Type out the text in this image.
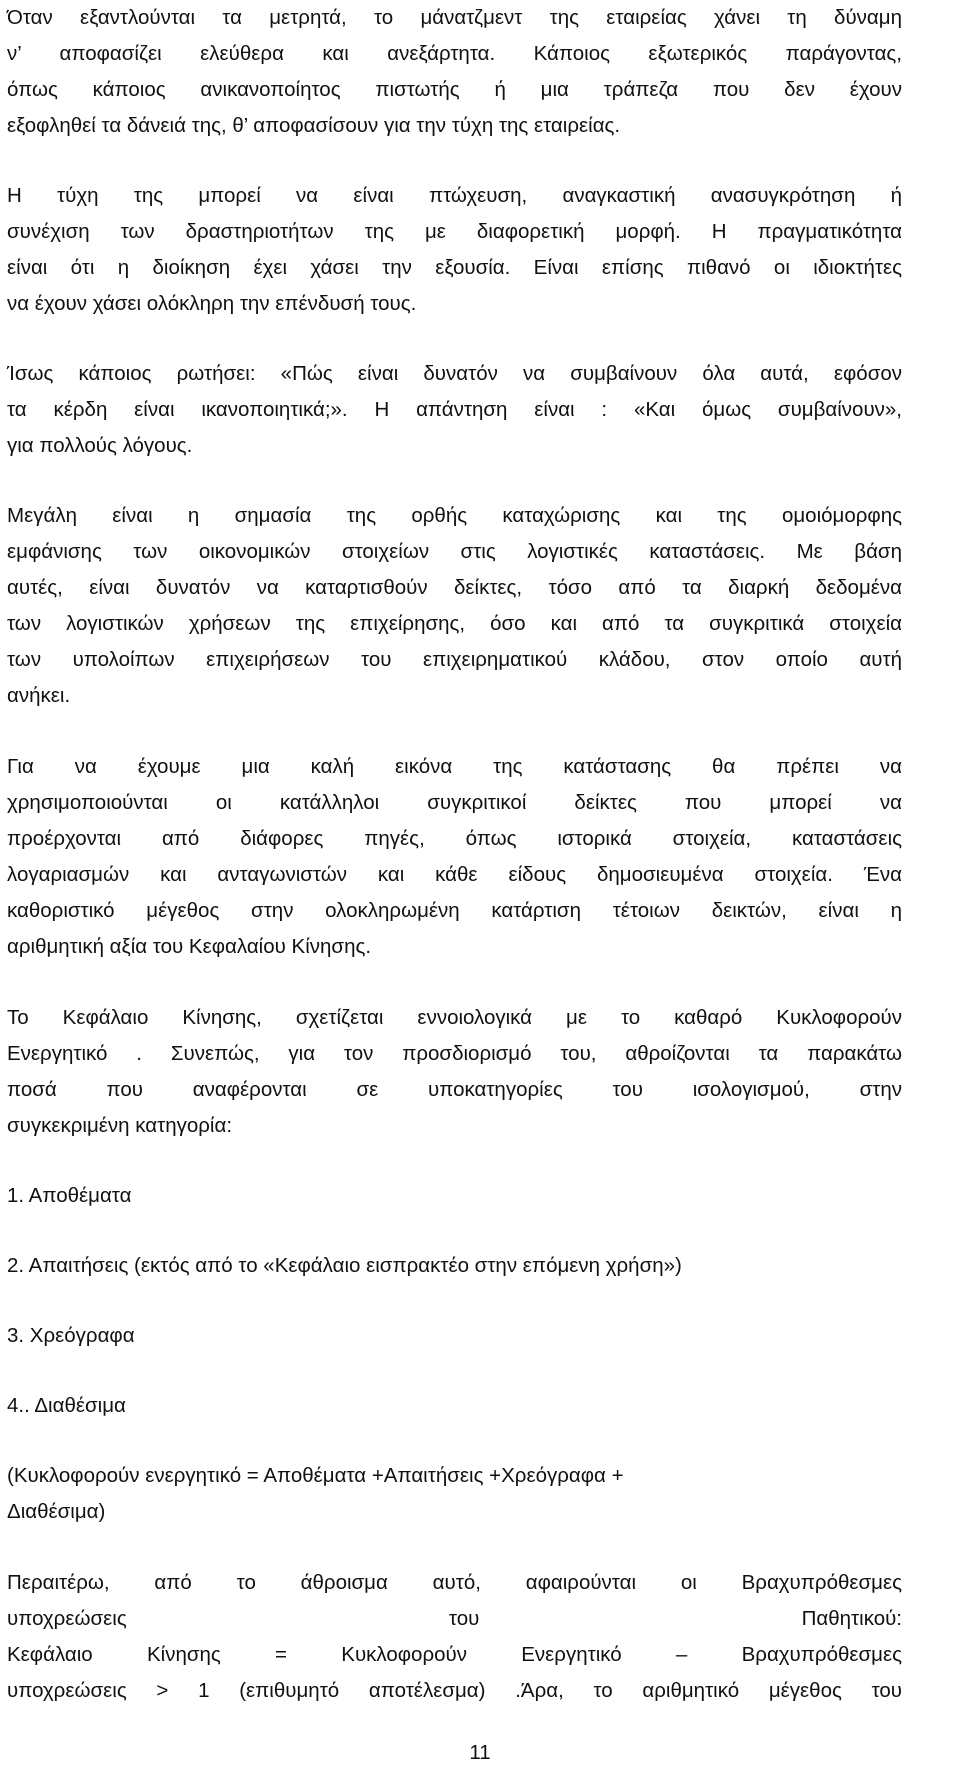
Όταν εξαντλούνται τα μετρητά, το μάνατζμεντ της εταιρείας χάνει τη δύναμη
ν’ αποφασίζει ελεύθερα και ανεξάρτητα. Κάποιος εξωτερικός παράγοντας,
όπως κάποιος ανικανοποίητος πιστωτής ή μια τράπεζα που δεν έχουν
εξοφληθεί τα δάνειά της, θ’ αποφασίσουν για την τύχη της εταιρείας.
Η τύχη της μπορεί να είναι πτώχευση, αναγκαστική ανασυγκρότηση ή
συνέχιση των δραστηριοτήτων της με διαφορετική μορφή. Η πραγματικότητα
είναι ότι η διοίκηση έχει χάσει την εξουσία. Είναι επίσης πιθανό οι ιδιοκτήτες
να έχουν χάσει ολόκληρη την επένδυσή τους.
Ίσως κάποιος ρωτήσει: «Πώς είναι δυνατόν να συμβαίνουν όλα αυτά, εφόσον
τα κέρδη είναι ικανοποιητικά;». Η απάντηση είναι : «Και όμως συμβαίνουν»,
για πολλούς λόγους.
Μεγάλη είναι η σημασία της ορθής καταχώρισης και της ομοιόμορφης
εμφάνισης των οικονομικών στοιχείων στις λογιστικές καταστάσεις. Με βάση
αυτές, είναι δυνατόν να καταρτισθούν δείκτες, τόσο από τα διαρκή δεδομένα
των λογιστικών χρήσεων της επιχείρησης, όσο και από τα συγκριτικά στοιχεία
των υπολοίπων επιχειρήσεων του επιχειρηματικού κλάδου, στον οποίο αυτή
ανήκει.
Για να έχουμε μια καλή εικόνα της κατάστασης θα πρέπει να
χρησιμοποιούνται οι κατάλληλοι συγκριτικοί δείκτες που μπορεί να
προέρχονται από διάφορες πηγές, όπως ιστορικά στοιχεία, καταστάσεις
λογαριασμών και ανταγωνιστών και κάθε είδους δημοσιευμένα στοιχεία. Ένα
καθοριστικό μέγεθος στην ολοκληρωμένη κατάρτιση τέτοιων δεικτών, είναι η
αριθμητική αξία του Κεφαλαίου Κίνησης.
Το Κεφάλαιο Κίνησης, σχετίζεται εννοιολογικά με το καθαρό Κυκλοφορούν
Ενεργητικό . Συνεπώς, για τον προσδιορισμό του, αθροίζονται τα παρακάτω
ποσά που αναφέρονται σε υποκατηγορίες του ισολογισμού, στην
συγκεκριμένη κατηγορία:
1. Αποθέματα
2. Απαιτήσεις (εκτός από το «Κεφάλαιο εισπρακτέο στην επόμενη χρήση»)
3. Χρεόγραφα
4.. Διαθέσιμα
(Κυκλοφορούν ενεργητικό = Αποθέματα +Απαιτήσεις +Χρεόγραφα +
Διαθέσιμα)
Περαιτέρω, από το άθροισμα αυτό, αφαιρούνται οι Βραχυπρόθεσμες
υποχρεώσεις του Παθητικού:
Κεφάλαιο Κίνησης = Κυκλοφορούν Ενεργητικό – Βραχυπρόθεσμες
υποχρεώσεις > 1 (επιθυμητό αποτέλεσμα) .Άρα, το αριθμητικό μέγεθος του
11
